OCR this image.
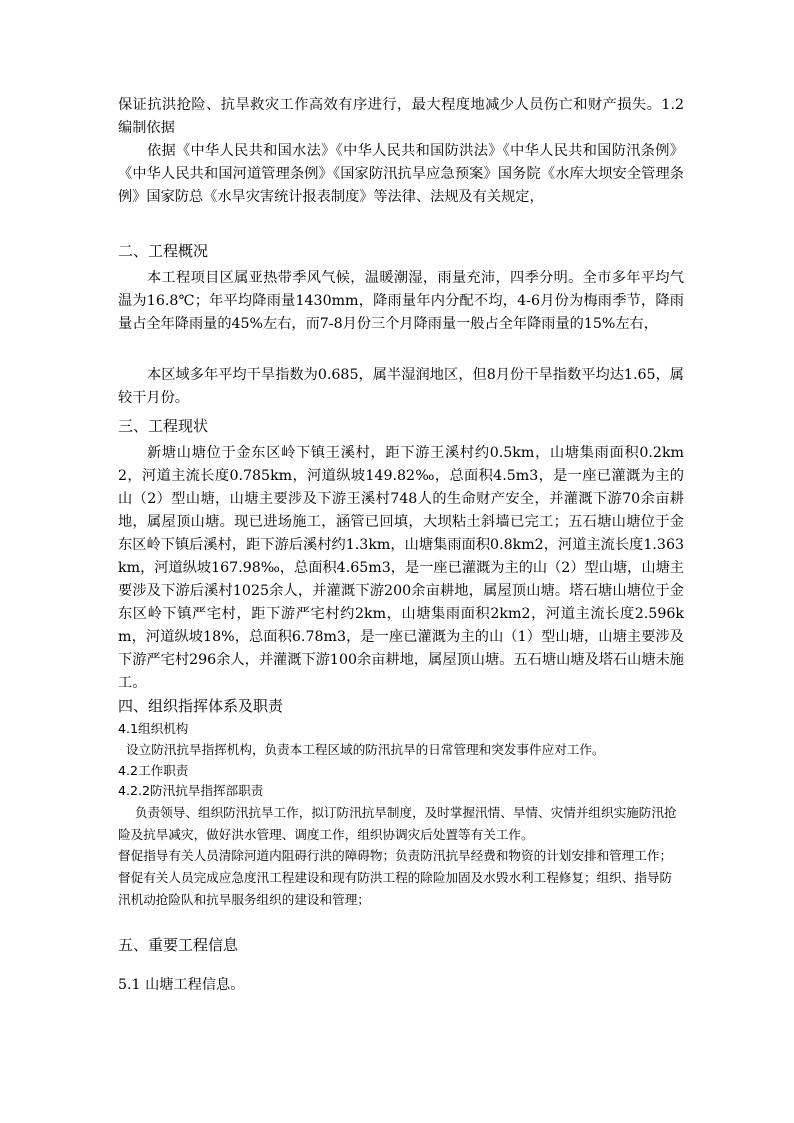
保证抗洪抢险、抗旱救灾工作高效有序进行，最大程度地减少人员伤亡和财产损失。1.2　　编制依据

依据《中华人民共和国水法》《中华人民共和国防洪法》《中华人民共和国防汛条例》《中华人民共和国河道管理条例》《国家防汛抗旱应急预案》国务院《水库大坝安全管理条例》国家防总《水旱灾害统计报表制度》等法律、法规及有关规定，

二、工程概况

本工程项目区属亚热带季风气候，温暖潮湿，雨量充沛，四季分明。全市多年平均气温为16.8℃；年平均降雨量1430mm，降雨量年内分配不均，4-6月份为梅雨季节，降雨量占全年降雨量的45%左右，而7-8月份三个月降雨量一般占全年降雨量的15%左右，

本区域多年平均干旱指数为0.685，属半湿润地区，但8月份干旱指数平均达1.65，属较干月份。

三、工程现状

新塘山塘位于金东区岭下镇王溪村，距下游王溪村约0.5km，山塘集雨面积0.2km2，河道主流长度0.785km，河道纵坡149.82‰，总面积4.5m3，是一座已灌溉为主的山（2）型山塘，山塘主要涉及下游王溪村748人的生命财产安全，并灌溉下游70余亩耕地，属屋顶山塘。现已进场施工，涵管已回填，大坝粘土斜墙已完工；五石塘山塘位于金东区岭下镇后溪村，距下游后溪村约1.3km，山塘集雨面积0.8km2，河道主流长度1.363km，河道纵坡167.98‰，总面积4.65m3，是一座已灌溉为主的山（2）型山塘，山塘主要涉及下游后溪村1025余人，并灌溉下游200余亩耕地，属屋顶山塘。塔石塘山塘位于金东区岭下镇严宅村，距下游严宅村约2km，山塘集雨面积2km2，河道主流长度2.596km，河道纵坡18%，总面积6.78m3，是一座已灌溉为主的山（1）型山塘，山塘主要涉及下游严宅村296余人，并灌溉下游100余亩耕地，属屋顶山塘。五石塘山塘及塔石山塘未施工。

四、组织指挥体系及职责

4.1组织机构

设立防汛抗旱指挥机构，负责本工程区域的防汛抗旱的日常管理和突发事件应对工作。

4.2工作职责

4.2.2防汛抗旱指挥部职责

负责领导、组织防汛抗旱工作，拟订防汛抗旱制度，及时掌握汛情、旱情、灾情并组织实施防汛抢险及抗旱减灾，做好洪水管理、调度工作，组织协调灾后处置等有关工作。

督促指导有关人员清除河道内阻碍行洪的障碍物；负责防汛抗旱经费和物资的计划安排和管理工作；督促有关人员完成应急度汛工程建设和现有防洪工程的除险加固及水毁水利工程修复；组织、指导防汛机动抢险队和抗旱服务组织的建设和管理；

五、重要工程信息

5.1 山塘工程信息。
